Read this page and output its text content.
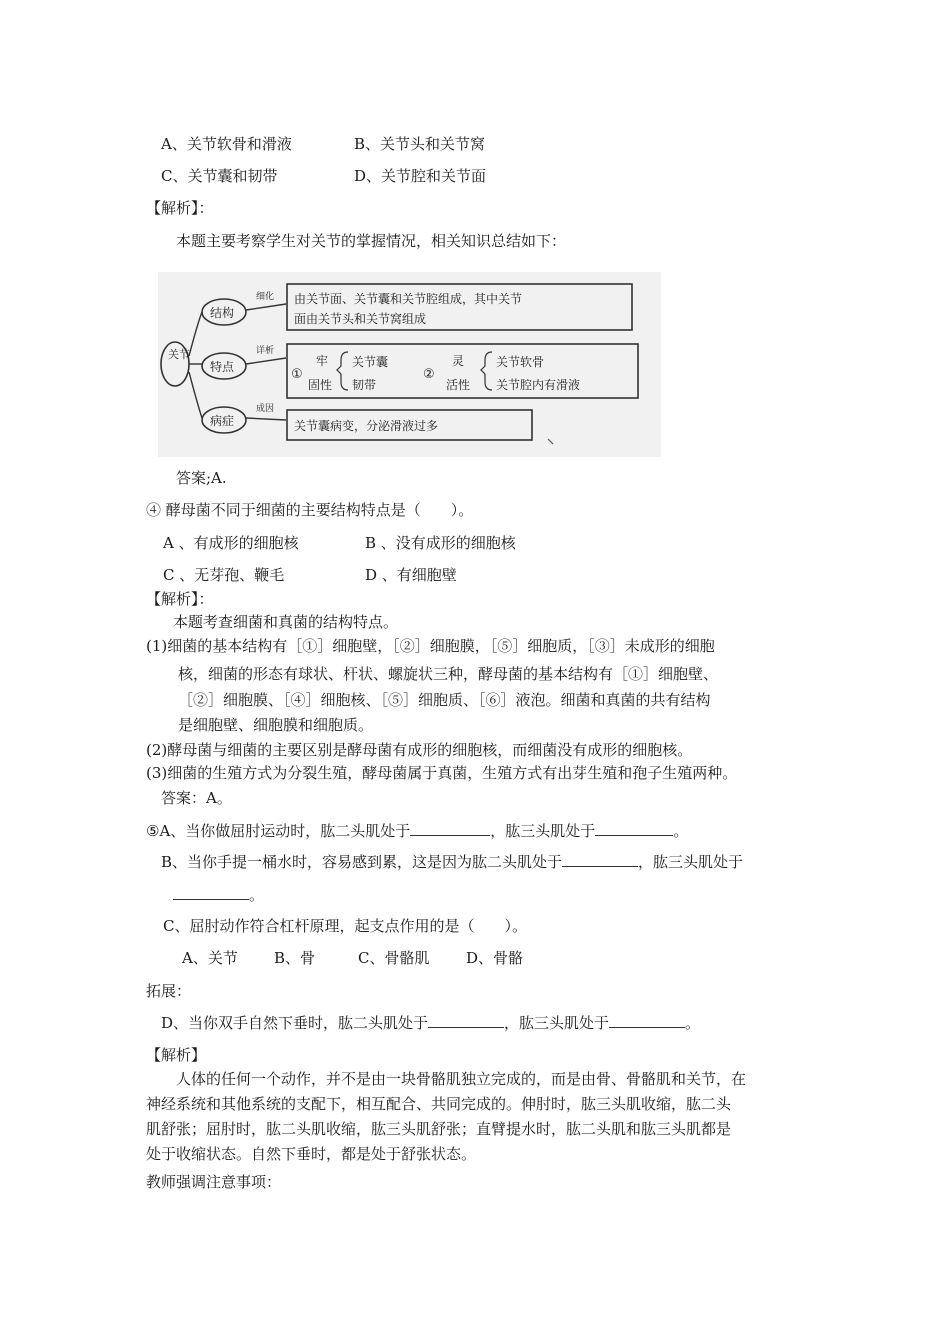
A、关节软骨和滑液	B、关节头和关节窝
C、关节囊和韧带	D、关节腔和关节面
【解析】：
本题主要考察学生对关节的掌握情况，相关知识总结如下：
关节
结构
特点
病症
细化
详析
成因
由关节面、关节囊和关节腔组成，其中关节
面由关节头和关节窝组成
①
牢
固性
关节囊
韧带
②
灵
活性
关节软骨
关节腔内有滑液
关节囊病变，分泌滑液过多
答案;A.
④ 酵母菌不同于细菌的主要结构特点是（　　）。
A 、有成形的细胞核	B 、没有成形的细胞核
C 、无芽孢、鞭毛	D 、有细胞壁
【解析】：
本题考查细菌和真菌的结构特点。
(1)细菌的基本结构有［①］细胞壁，［②］细胞膜，［⑤］细胞质，［③］未成形的细胞
核，细菌的形态有球状、杆状、螺旋状三种，酵母菌的基本结构有［①］细胞壁、
［②］细胞膜、［④］细胞核、［⑤］细胞质、［⑥］液泡。细菌和真菌的共有结构
是细胞壁、细胞膜和细胞质。
(2)酵母菌与细菌的主要区别是酵母菌有成形的细胞核，而细菌没有成形的细胞核。
(3)细菌的生殖方式为分裂生殖，酵母菌属于真菌，生殖方式有出芽生殖和孢子生殖两种。
答案：A。
⑤A、当你做屈肘运动时，肱二头肌处于	，肱三头肌处于	。
B、当你手提一桶水时，容易感到累，这是因为肱二头肌处于	，肱三头肌处于
。
C、屈肘动作符合杠杆原理，起支点作用的是（　　）。
A、关节 B、骨	C、骨骼肌 D、骨骼
拓展：
D、当你双手自然下垂时，肱二头肌处于	，肱三头肌处于	。
【解析】
人体的任何一个动作，并不是由一块骨骼肌独立完成的，而是由骨、骨骼肌和关节，在
神经系统和其他系统的支配下，相互配合、共同完成的。伸肘时，肱三头肌收缩，肱二头
肌舒张；屈肘时，肱二头肌收缩，肱三头肌舒张；直臂提水时，肱二头肌和肱三头肌都是
处于收缩状态。自然下垂时，都是处于舒张状态。
教师强调注意事项：
